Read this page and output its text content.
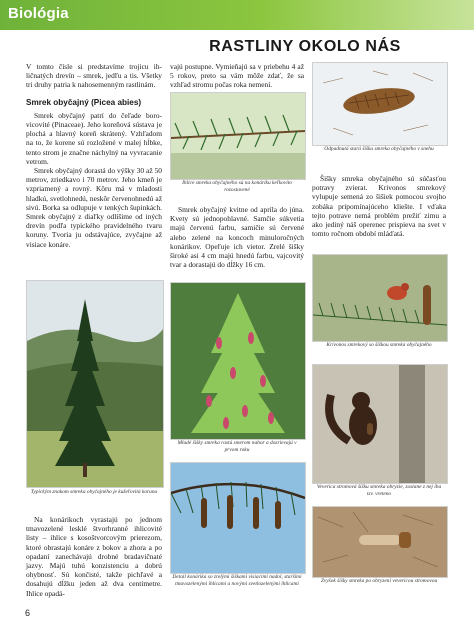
Biológia
RASTLINY OKOLO NÁS

V tomto čísle si predstavíme trojicu ihličnatých drevín – smrek, jedľu a tis. Všetky tri druhy patria k nahosemenným rastlinám.

Smrek obyčajný (Picea abies)

Smrek obyčajný patrí do čeľade borovicovité (Pinaceae). Jeho koreňová sústava je plochá a hlavný koreň skrátený. Vzhľadom na to, že korene sú rozložené v malej hĺbke, tento strom je značne náchylný na vyvracanie vetrom.

Smrek obyčajný dorastá do výšky 30 až 50 metrov, zriedkavo i 70 metrov. Jeho kmeň je vzpriamený a rovný. Kôru má v mladosti hladkú, svetlohnedú, neskôr červenohnedú až sivú. Borka sa odlupuje v tenkých šupinkách. Smrek obyčajný z diaľky odlíšime od iných drevín podľa typického pravidelného tvaru koruny. Tvoria ju odstávajúce, zvyčajne až visiace konáre.

Na konárikoch vyrastajú po jednom tmavozelené lesklé štvorhranné ihlicovité listy – ihlice s kosoštvorcovým prierezom, ktoré obrastajú konáre z bokov a zhora a po opadaní zanechávajú drobné bradavičnaté jazvy. Majú tuhú konzistenciu a dobrú ohybnosť. Sú končisté, takže pichľavé a dosahujú dĺžku jeden až dva centimetre. Ihlice opadá-

vajú postupne. Vymieňajú sa v priebehu 4 až 5 rokov, preto sa vám môže zdať, že sa vzhľad stromu počas roka nemení.

Smrek obyčajný kvitne od apríla do júna. Kvety sú jednopohlavné. Samčie súkvetia majú červenú farbu, samičie sú červené alebo zelené na koncoch minuloročných konárikov. Opeľuje ich vietor. Zrelé šišky široké asi 4 cm majú hnedú farbu, vajcovitý tvar a dorastajú do dĺžky 16 cm.

Šišky smreka obyčajného sú súčasťou potravy zvierat. Krivonos smrekový vylupuje semená zo šišiek pomocou svojho zobáka pripomínajúceho kliešte. I vďaka tejto potrave nemá problém prežiť zimu a ako jediný náš operenec prispieva na svet v tomto ročnom období mláďatá.

Ihlice smreka obyčajného sú na konáriku keľkovito rozostavené
Odpadnutá stará šiška smreka obyčajného v snehu
Typickým znakom smreka obyčajného je kužeľovitá koruna
Mladé šišky smreka rastú smerom nahor a dozrievajú v prvom roku
Detail konárika so zrelými šiškami visiacimi nadol, staršími tmavozelenými ihlicami a novými svetlozelenými ihlicami
Krivonos smrekový so šiškou smreka obyčajného
Veverica stromová šišku smreka obryzie, zostane z nej iba tzv. vreteno
Zvyšok šišky smreka po obryzení vevericou stromovou
6
